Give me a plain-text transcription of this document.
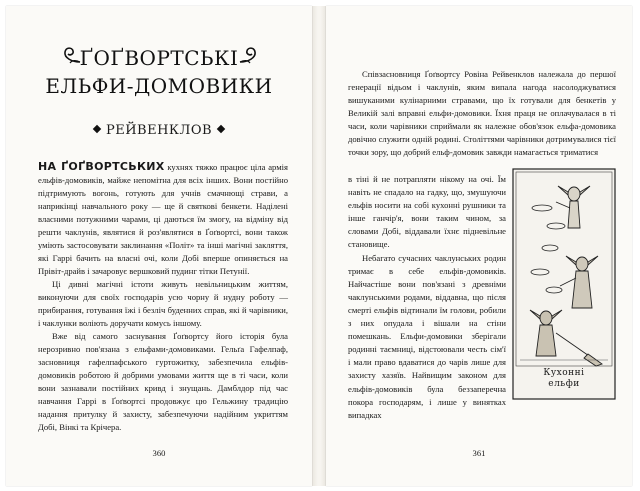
ҐОҐВОРТСЬКІ
ЕЛЬФИ-ДОМОВИКИ
РЕЙВЕНКЛОВ

НА ҐОҐВОРТСЬКИХ кухнях тяжко працює ціла армія ельфів-домовиків, майже непомітна для всіх інших. Вони постійно підтримують вогонь, готують для учнів смачнющі страви, а наприкінці навчального року — ще й святкові бенкети. Наділені власними потужними чарами, ці даються їм змогу, на відміну від решти чаклунів, являтися й роз'являтися в Ґоґвортсі, вони також уміють застосовувати заклинання «Політ» та інші магічні закляття, які Гаррі бачить на власні очі, коли Добі вперше опиняється на Прівіт-драйв і зачаровує вершковий пудинг тітки Петунії.

Ці дивні магічні істоти живуть невільницьким життям, виконуючи для своїх господарів усю чорну й нудну роботу — прибирання, готування їжі і безліч буденних справ, які й чарівники, і чаклунки воліють доручати комусь іншому.

Вже від самого заснування Ґоґвортсу його історія була нерозривно пов'язана з ельфами-домовиками. Гельґа Гафелпаф, засновниця гафелпафського гуртожитку, забезпечила ельфів-домовиків роботою й добрими умовами життя ще в ті часи, коли вони зазнавали постійних кривд і знущань. Дамблдор під час навчання Гаррі в Ґоґвортсі продовжує цю Гельжину традицію надання притулку й захисту, забезпечуючи надійним укриттям Добі, Вінкі та Крічера.

360

Співзасновниця Ґоґвортсу Ровіна Рейвенклов належала до першої генерації відьом і чаклунів, яким випала нагода насолоджуватися вишуканими кулінарними стравами, що їх готували для бенкетів у Великій залі вправні ельфи-домовики. Їхня праця не оплачувалася в ті часи, коли чарівники сприймали як належне обов'язок ельфа-домовика довічно служити одній родині. Століттями чарівники дотримувалися тієї точки зору, що добрий ельф-домовик завжди намагається триматися

в тіні й не потрапляти нікому на очі. Їм навіть не спадало на гадку, що, змушуючи ельфів носити на собі кухонні рушники та інше ганчір'я, вони таким чином, за словами Добі, віддавали їхнє підневільне становище.

Небагато сучасних чаклунських родин тримає в себе ельфів-домовиків. Найчастіше вони пов'язані з древніми чаклунськими родами, віддавна, що після смерті ельфів відтинали їм голови, робили з них опудала і вішали на стіни помешкань. Ельфи-домовики зберігали родинні таємниці, відстоювали честь сім'ї і мали право вдаватися до чарів лише для захисту хазяїв. Найвищим законом для ельфів-домовиків була беззаперечна покора господарям, і лише у винятках випадках

Кухонні
ельфи
361
